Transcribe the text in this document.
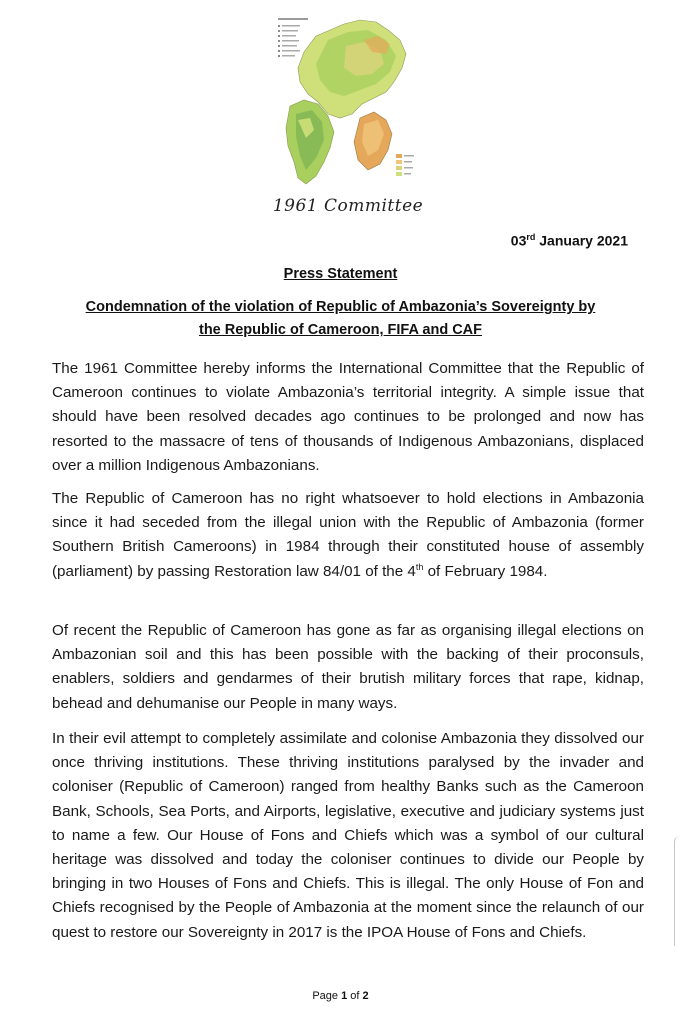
1961 Committee
03rd January 2021
Press Statement
Condemnation of the violation of Republic of Ambazonia’s Sovereignty by
the Republic of Cameroon, FIFA and CAF

The 1961 Committee hereby informs the International Committee that the Republic of Cameroon continues to violate Ambazonia’s territorial integrity. A simple issue that should have been resolved decades ago continues to be prolonged and now has resorted to the massacre of tens of thousands of Indigenous Ambazonians, displaced over a million Indigenous Ambazonians.

The Republic of Cameroon has no right whatsoever to hold elections in Ambazonia since it had seceded from the illegal union with the Republic of Ambazonia (former Southern British Cameroons) in 1984 through their constituted house of assembly (parliament) by passing Restoration law 84/01 of the 4th of February 1984.

Of recent the Republic of Cameroon has gone as far as organising illegal elections on Ambazonian soil and this has been possible with the backing of their proconsuls, enablers, soldiers and gendarmes of their brutish military forces that rape, kidnap, behead and dehumanise our People in many ways.

In their evil attempt to completely assimilate and colonise Ambazonia they dissolved our once thriving institutions. These thriving institutions paralysed by the invader and coloniser (Republic of Cameroon) ranged from healthy Banks such as the Cameroon Bank, Schools, Sea Ports, and Airports, legislative, executive and judiciary systems just to name a few. Our House of Fons and Chiefs which was a symbol of our cultural heritage was dissolved and today the coloniser continues to divide our People by bringing in two Houses of Fons and Chiefs. This is illegal. The only House of Fon and Chiefs recognised by the People of Ambazonia at the moment since the relaunch of our quest to restore our Sovereignty in 2017 is the IPOA House of Fons and Chiefs.

Page 1 of 2
